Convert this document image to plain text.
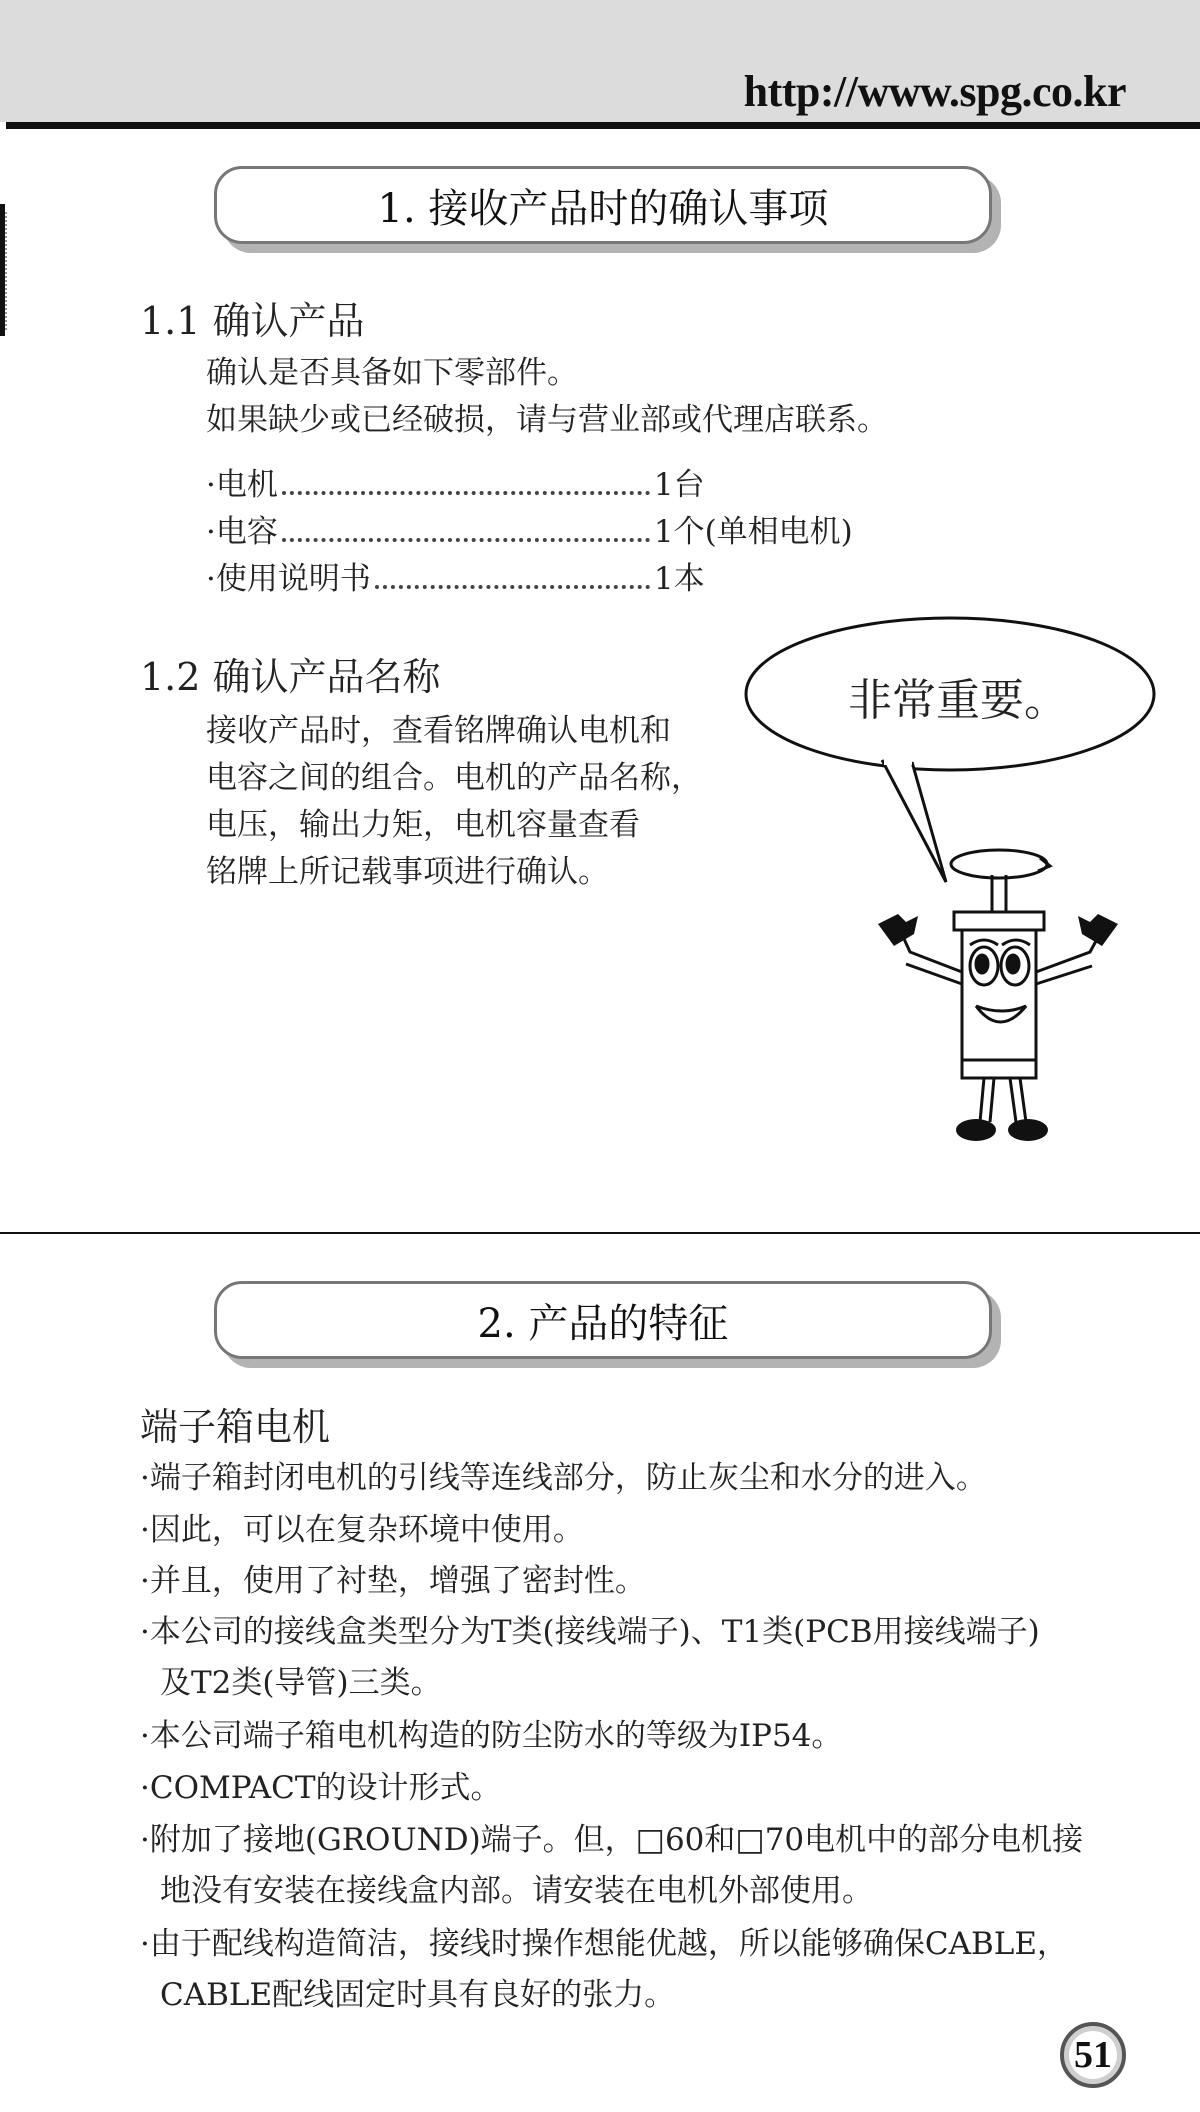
http://www.spg.co.kr
1. 接收产品时的确认事项
1.1 确认产品
确认是否具备如下零部件。
如果缺少或已经破损，请与营业部或代理店联系。
·电机	1台
·电容	1个(单相电机)
·使用说明书	1本
1.2 确认产品名称
接收产品时，查看铭牌确认电机和
电容之间的组合。电机的产品名称，
电压，输出力矩，电机容量查看
铭牌上所记载事项进行确认。
非常重要。
2. 产品的特征
端子箱电机
·端子箱封闭电机的引线等连线部分，防止灰尘和水分的进入。
·因此，可以在复杂环境中使用。
·并且，使用了衬垫，增强了密封性。
·本公司的接线盒类型分为T类(接线端子)、T1类(PCB用接线端子)
及T2类(导管)三类。
·本公司端子箱电机构造的防尘防水的等级为IP54。
·COMPACT的设计形式。
·附加了接地(GROUND)端子。但，□60和□70电机中的部分电机接
地没有安装在接线盒内部。请安装在电机外部使用。
·由于配线构造简洁，接线时操作想能优越，所以能够确保CABLE，
CABLE配线固定时具有良好的张力。
51
